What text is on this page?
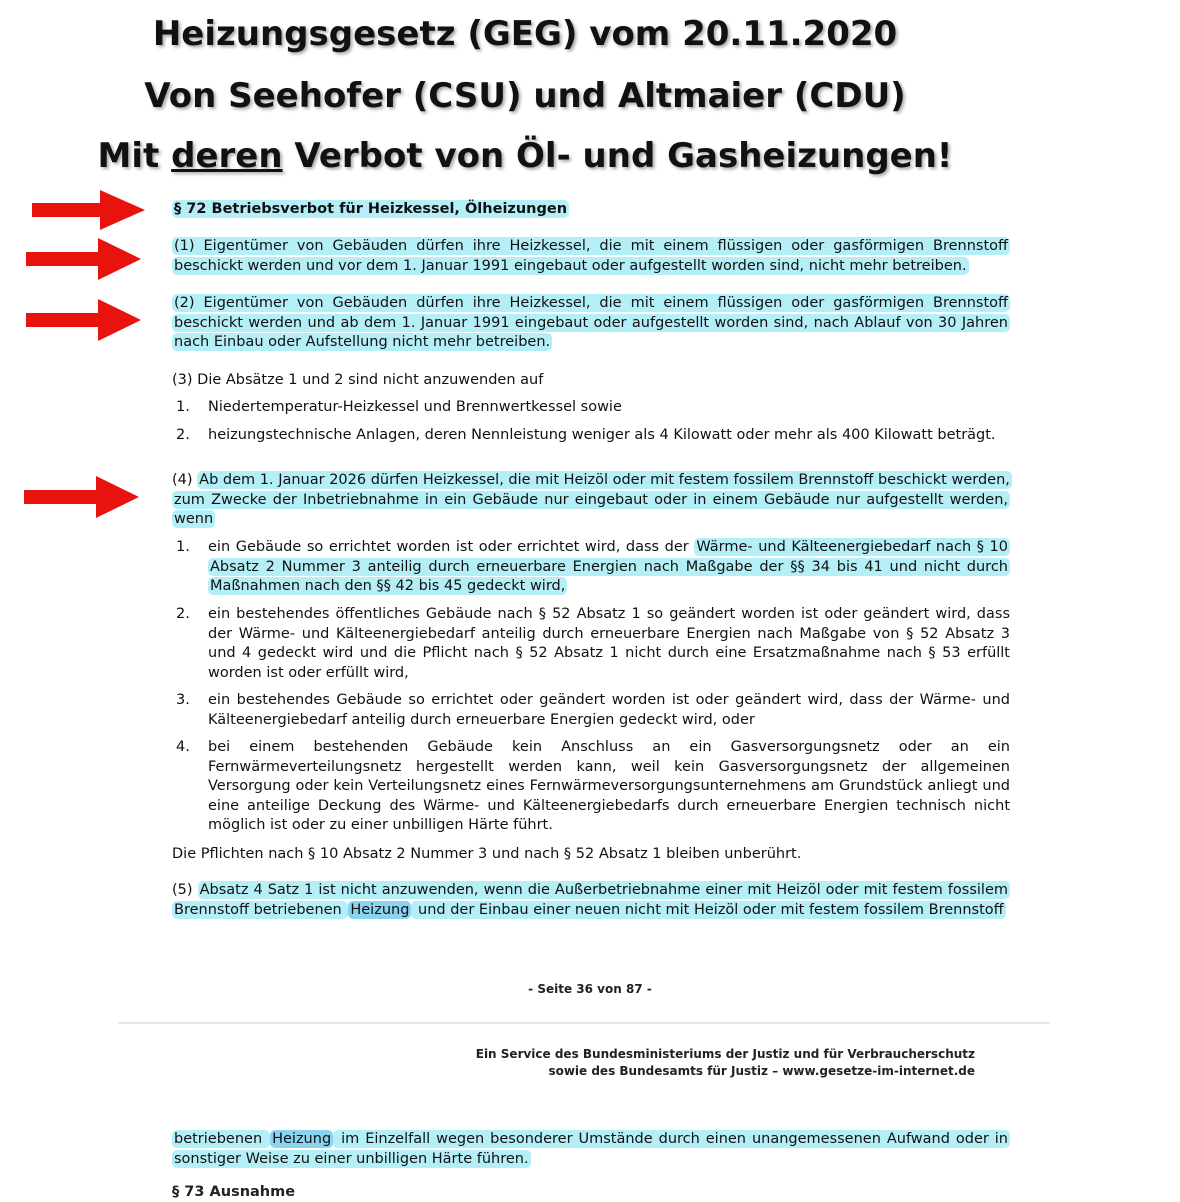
Heizungsgesetz (GEG) vom 20.11.2020
Von Seehofer (CSU) und Altmaier (CDU)
Mit deren Verbot von Öl- und Gasheizungen!
§ 72 Betriebsverbot für Heizkessel, Ölheizungen
(1) Eigentümer von Gebäuden dürfen ihre Heizkessel, die mit einem flüssigen oder gasförmigen Brennstoff beschickt werden und vor dem 1. Januar 1991 eingebaut oder aufgestellt worden sind, nicht mehr betreiben.
(2) Eigentümer von Gebäuden dürfen ihre Heizkessel, die mit einem flüssigen oder gasförmigen Brennstoff beschickt werden und ab dem 1. Januar 1991 eingebaut oder aufgestellt worden sind, nach Ablauf von 30 Jahren nach Einbau oder Aufstellung nicht mehr betreiben.
(3) Die Absätze 1 und 2 sind nicht anzuwenden auf
1. Niedertemperatur-Heizkessel und Brennwertkessel sowie
2. heizungstechnische Anlagen, deren Nennleistung weniger als 4 Kilowatt oder mehr als 400 Kilowatt beträgt.
(4) Ab dem 1. Januar 2026 dürfen Heizkessel, die mit Heizöl oder mit festem fossilem Brennstoff beschickt werden, zum Zwecke der Inbetriebnahme in ein Gebäude nur eingebaut oder in einem Gebäude nur aufgestellt werden, wenn
1. ein Gebäude so errichtet worden ist oder errichtet wird, dass der Wärme- und Kälteenergiebedarf nach § 10 Absatz 2 Nummer 3 anteilig durch erneuerbare Energien nach Maßgabe der §§ 34 bis 41 und nicht durch Maßnahmen nach den §§ 42 bis 45 gedeckt wird,
2. ein bestehendes öffentliches Gebäude nach § 52 Absatz 1 so geändert worden ist oder geändert wird, dass der Wärme- und Kälteenergiebedarf anteilig durch erneuerbare Energien nach Maßgabe von § 52 Absatz 3 und 4 gedeckt wird und die Pflicht nach § 52 Absatz 1 nicht durch eine Ersatzmaßnahme nach § 53 erfüllt worden ist oder erfüllt wird,
3. ein bestehendes Gebäude so errichtet oder geändert worden ist oder geändert wird, dass der Wärme- und Kälteenergiebedarf anteilig durch erneuerbare Energien gedeckt wird, oder
4. bei einem bestehenden Gebäude kein Anschluss an ein Gasversorgungsnetz oder an ein Fernwärmeverteilungsnetz hergestellt werden kann, weil kein Gasversorgungsnetz der allgemeinen Versorgung oder kein Verteilungsnetz eines Fernwärmeversorgungsunternehmens am Grundstück anliegt und eine anteilige Deckung des Wärme- und Kälteenergiebedarfs durch erneuerbare Energien technisch nicht möglich ist oder zu einer unbilligen Härte führt.
Die Pflichten nach § 10 Absatz 2 Nummer 3 und nach § 52 Absatz 1 bleiben unberührt.
(5) Absatz 4 Satz 1 ist nicht anzuwenden, wenn die Außerbetriebnahme einer mit Heizöl oder mit festem fossilem Brennstoff betriebenen Heizung und der Einbau einer neuen nicht mit Heizöl oder mit festem fossilem Brennstoff
- Seite 36 von 87 -
Ein Service des Bundesministeriums der Justiz und für Verbraucherschutz
sowie des Bundesamts für Justiz – www.gesetze-im-internet.de
betriebenen Heizung im Einzelfall wegen besonderer Umstände durch einen unangemessenen Aufwand oder in sonstiger Weise zu einer unbilligen Härte führen.
§ 73 Ausnahme
